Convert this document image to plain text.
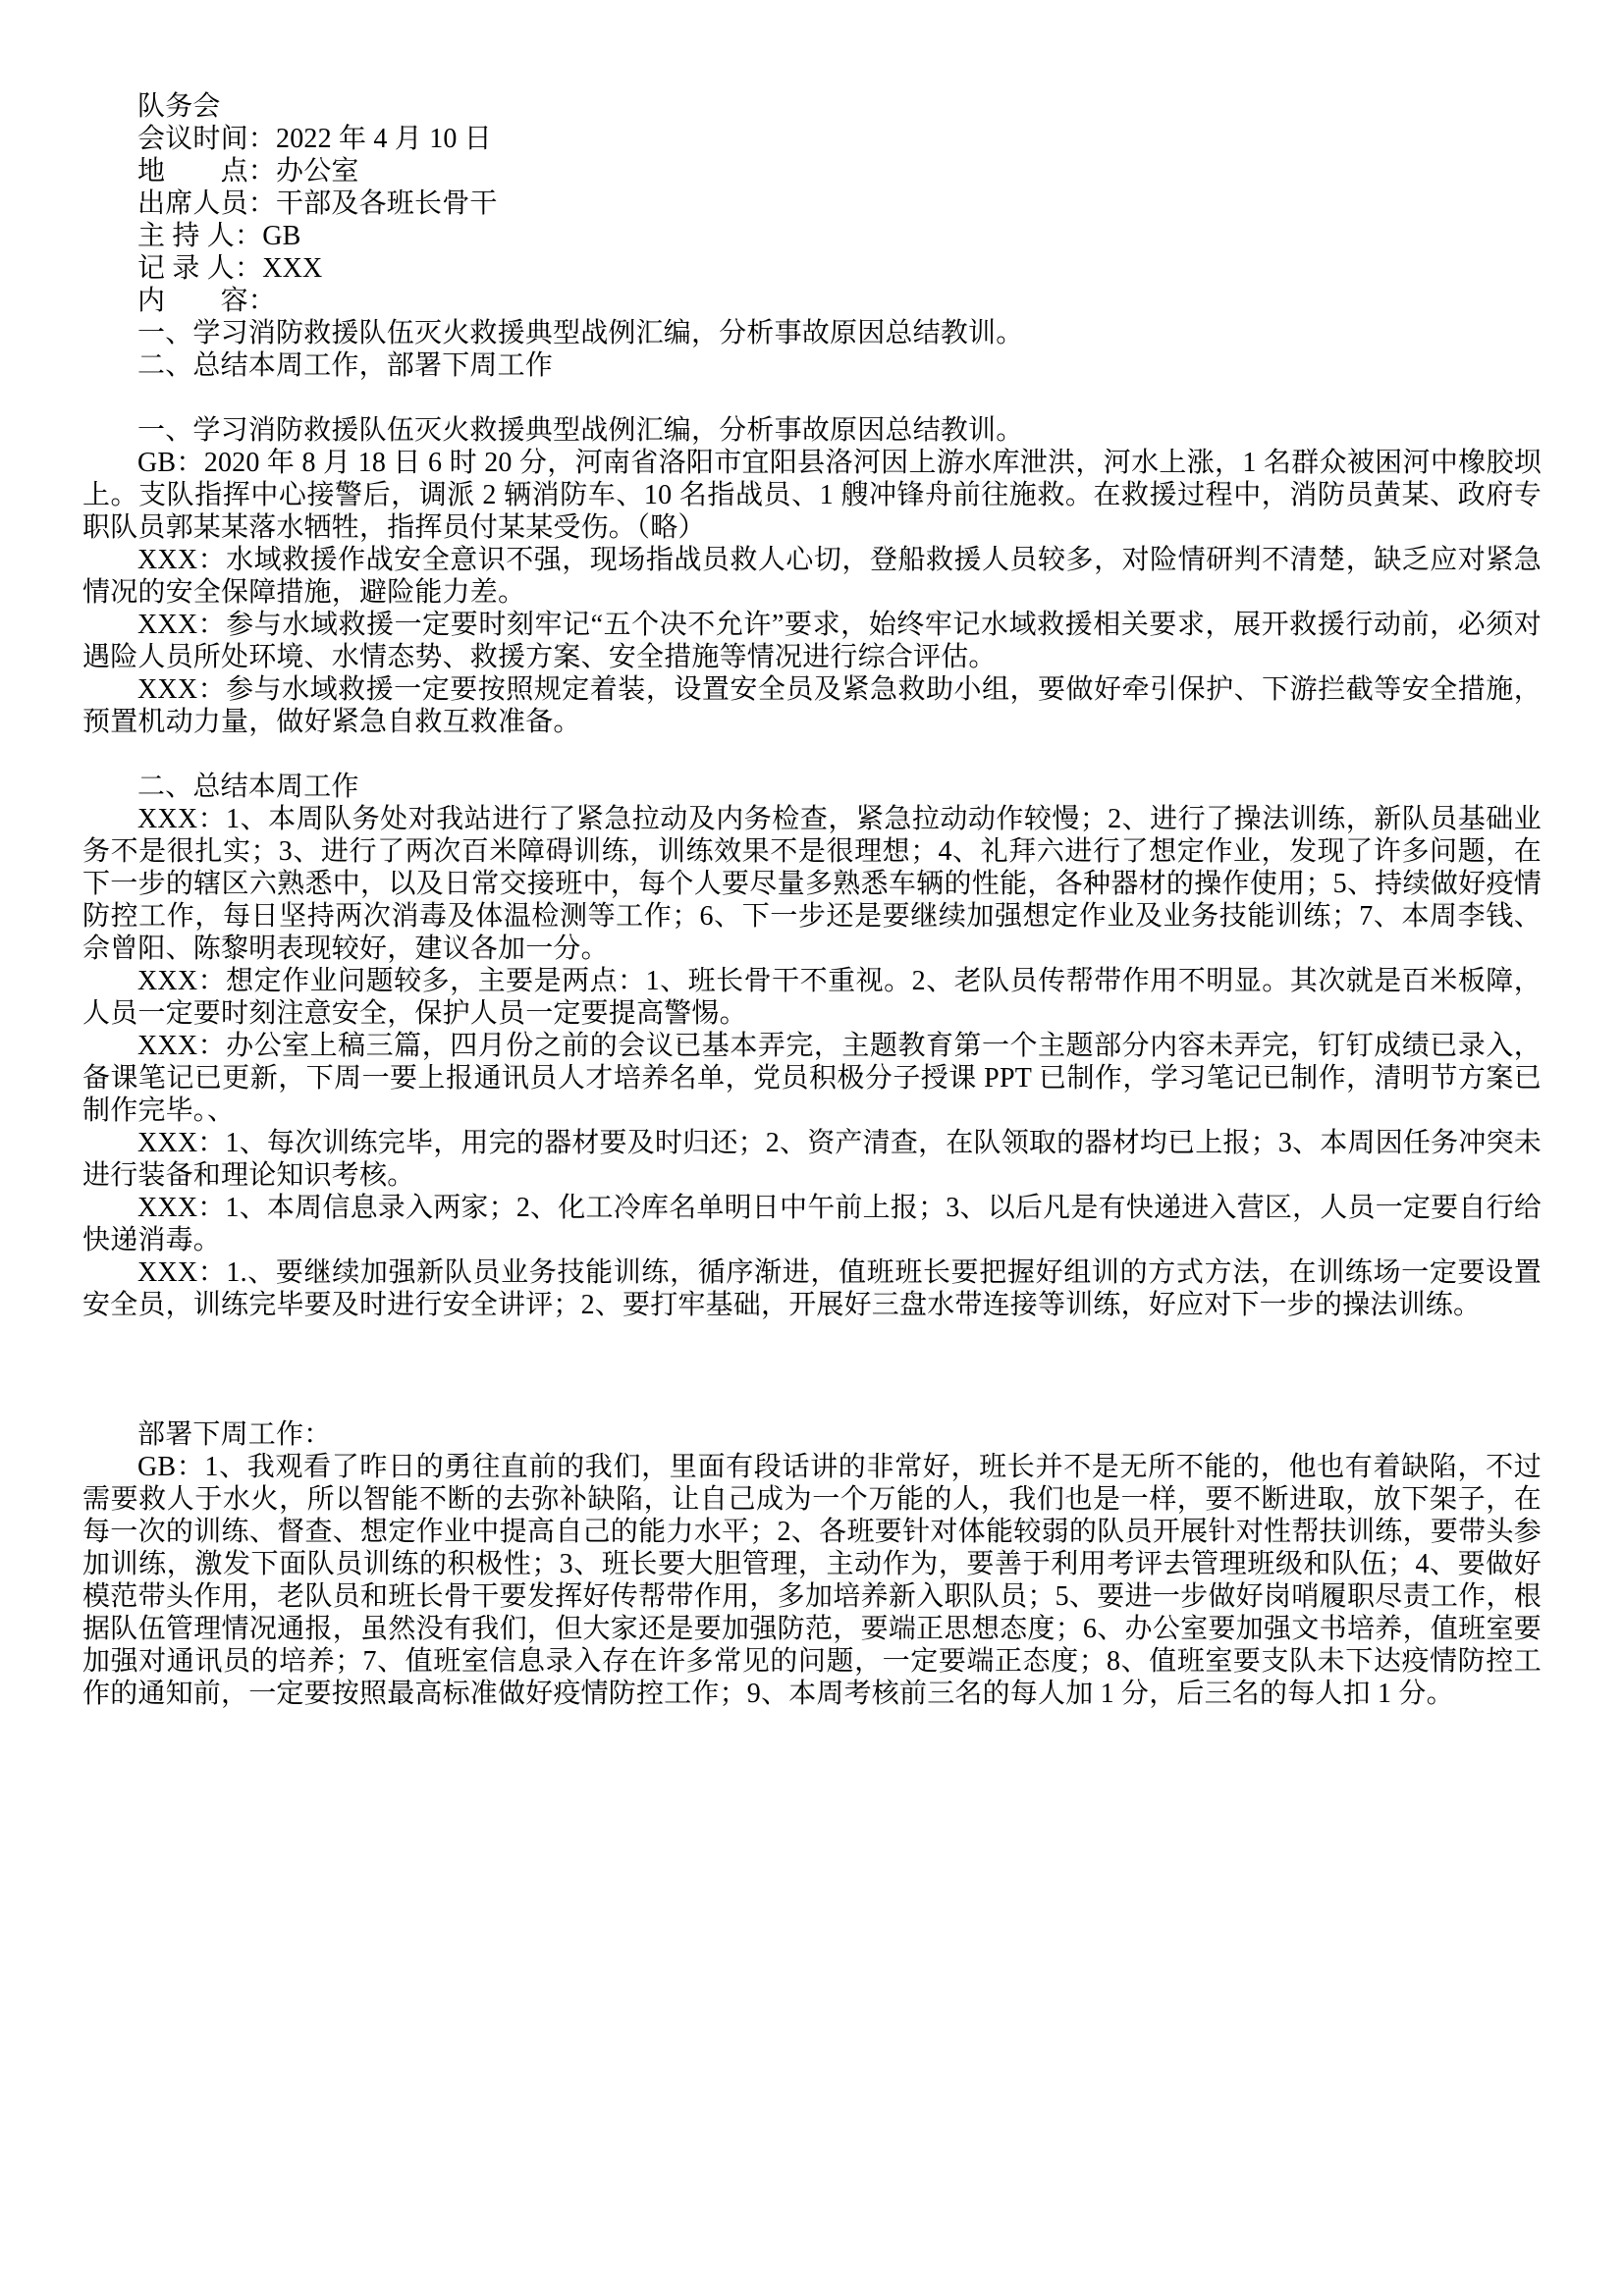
队务会

会议时间：2022 年 4 月 10 日

地　　点：办公室

出席人员：干部及各班长骨干

主 持 人：GB

记 录 人：XXX

内　　容：

一、学习消防救援队伍灭火救援典型战例汇编，分析事故原因总结教训。

二、总结本周工作，部署下周工作

一、学习消防救援队伍灭火救援典型战例汇编，分析事故原因总结教训。

GB：2020 年 8 月 18 日 6 时 20 分，河南省洛阳市宜阳县洛河因上游水库泄洪，河水上涨，1 名群众被困河中橡胶坝上。支队指挥中心接警后，调派 2 辆消防车、10 名指战员、1 艘冲锋舟前往施救。在救援过程中，消防员黄某、政府专职队员郭某某落水牺牲，指挥员付某某受伤。（略）

XXX：水域救援作战安全意识不强，现场指战员救人心切，登船救援人员较多，对险情研判不清楚，缺乏应对紧急情况的安全保障措施，避险能力差。

XXX：参与水域救援一定要时刻牢记“五个决不允许”要求，始终牢记水域救援相关要求，展开救援行动前，必须对遇险人员所处环境、水情态势、救援方案、安全措施等情况进行综合评估。

XXX：参与水域救援一定要按照规定着装，设置安全员及紧急救助小组，要做好牵引保护、下游拦截等安全措施，预置机动力量，做好紧急自救互救准备。

二、总结本周工作

XXX：1、本周队务处对我站进行了紧急拉动及内务检查，紧急拉动动作较慢；2、进行了操法训练，新队员基础业务不是很扎实；3、进行了两次百米障碍训练，训练效果不是很理想；4、礼拜六进行了想定作业，发现了许多问题，在下一步的辖区六熟悉中，以及日常交接班中，每个人要尽量多熟悉车辆的性能，各种器材的操作使用；5、持续做好疫情防控工作，每日坚持两次消毒及体温检测等工作；6、下一步还是要继续加强想定作业及业务技能训练；7、本周李钱、佘曾阳、陈黎明表现较好，建议各加一分。

XXX：想定作业问题较多，主要是两点：1、班长骨干不重视。2、老队员传帮带作用不明显。其次就是百米板障，人员一定要时刻注意安全，保护人员一定要提高警惕。

XXX：办公室上稿三篇，四月份之前的会议已基本弄完，主题教育第一个主题部分内容未弄完，钉钉成绩已录入，备课笔记已更新，下周一要上报通讯员人才培养名单，党员积极分子授课 PPT 已制作，学习笔记已制作，清明节方案已制作完毕。、

XXX：1、每次训练完毕，用完的器材要及时归还；2、资产清查，在队领取的器材均已上报；3、本周因任务冲突未进行装备和理论知识考核。

XXX：1、本周信息录入两家；2、化工冷库名单明日中午前上报；3、以后凡是有快递进入营区，人员一定要自行给快递消毒。

XXX：1.、要继续加强新队员业务技能训练，循序渐进，值班班长要把握好组训的方式方法，在训练场一定要设置安全员，训练完毕要及时进行安全讲评；2、要打牢基础，开展好三盘水带连接等训练，好应对下一步的操法训练。

部署下周工作：

GB：1、我观看了昨日的勇往直前的我们，里面有段话讲的非常好，班长并不是无所不能的，他也有着缺陷，不过需要救人于水火，所以智能不断的去弥补缺陷，让自己成为一个万能的人，我们也是一样，要不断进取，放下架子，在每一次的训练、督查、想定作业中提高自己的能力水平；2、各班要针对体能较弱的队员开展针对性帮扶训练，要带头参加训练，激发下面队员训练的积极性；3、班长要大胆管理，主动作为，要善于利用考评去管理班级和队伍；4、要做好模范带头作用，老队员和班长骨干要发挥好传帮带作用，多加培养新入职队员；5、要进一步做好岗哨履职尽责工作，根据队伍管理情况通报，虽然没有我们，但大家还是要加强防范，要端正思想态度；6、办公室要加强文书培养，值班室要加强对通讯员的培养；7、值班室信息录入存在许多常见的问题，一定要端正态度；8、值班室要支队未下达疫情防控工作的通知前，一定要按照最高标准做好疫情防控工作；9、本周考核前三名的每人加 1 分，后三名的每人扣 1 分。
